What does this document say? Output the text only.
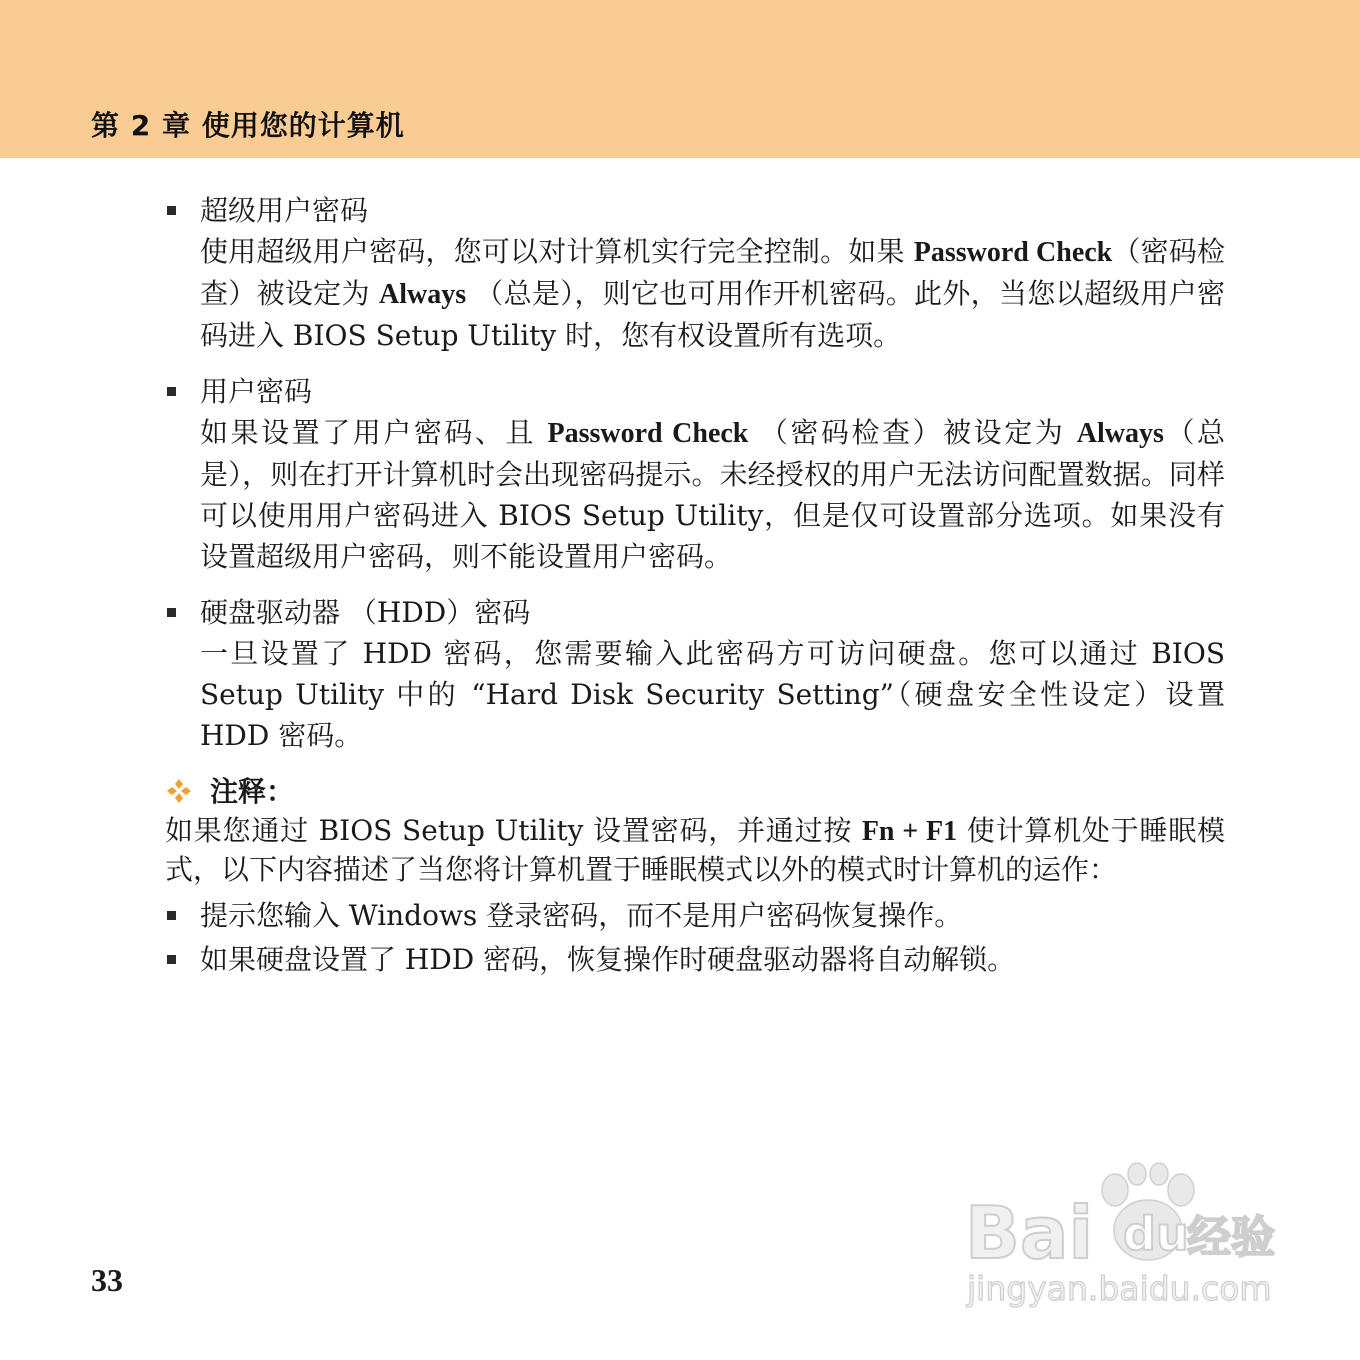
第 2 章 使用您的计算机
超级用户密码
使用超级用户密码，您可以对计算机实行完全控制。如果 Password Check（密码检查）被设定为 Always （总是），则它也可用作开机密码。此外，当您以超级用户密码进入 BIOS Setup Utility 时，您有权设置所有选项。
用户密码
如果设置了用户密码、且 Password Check （密码检查）被设定为 Always（总是），则在打开计算机时会出现密码提示。未经授权的用户无法访问配置数据。同样可以使用用户密码进入 BIOS Setup Utility，但是仅可设置部分选项。如果没有设置超级用户密码，则不能设置用户密码。
硬盘驱动器 （HDD）密码
一旦设置了 HDD 密码，您需要输入此密码方可访问硬盘。您可以通过 BIOS Setup Utility 中的 “Hard Disk Security Setting”（硬盘安全性设定）设置 HDD 密码。
注释：
如果您通过 BIOS Setup Utility 设置密码，并通过按 Fn + F1 使计算机处于睡眠模式，以下内容描述了当您将计算机置于睡眠模式以外的模式时计算机的运作：
提示您输入 Windows 登录密码，而不是用户密码恢复操作。
如果硬盘设置了 HDD 密码，恢复操作时硬盘驱动器将自动解锁。
33
Bai du
经验
jingyan.baidu.com
